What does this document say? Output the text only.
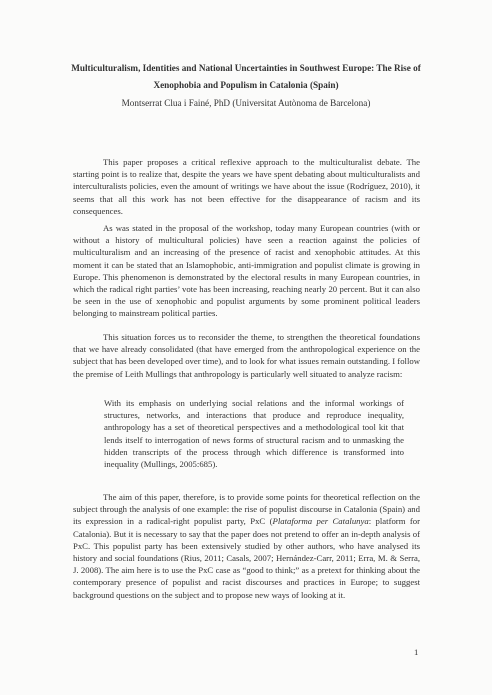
Multiculturalism, Identities and National Uncertainties in Southwest Europe: The Rise of Xenophobia and Populism in Catalonia (Spain)

Montserrat Clua i Fainé, PhD (Universitat Autònoma de Barcelona)

This paper proposes a critical reflexive approach to the multiculturalist debate. The starting point is to realize that, despite the years we have spent debating about multiculturalists and interculturalists policies, even the amount of writings we have about the issue (Rodríguez, 2010), it seems that all this work has not been effective for the disappearance of racism and its consequences.

As was stated in the proposal of the workshop, today many European countries (with or without a history of multicultural policies) have seen a reaction against the policies of multiculturalism and an increasing of the presence of racist and xenophobic attitudes. At this moment it can be stated that an Islamophobic, anti-immigration and populist climate is growing in Europe. This phenomenon is demonstrated by the electoral results in many European countries, in which the radical right parties’ vote has been increasing, reaching nearly 20 percent. But it can also be seen in the use of xenophobic and populist arguments by some prominent political leaders belonging to mainstream political parties.

This situation forces us to reconsider the theme, to strengthen the theoretical foundations that we have already consolidated (that have emerged from the anthropological experience on the subject that has been developed over time), and to look for what issues remain outstanding. I follow the premise of Leith Mullings that anthropology is particularly well situated to analyze racism:

With its emphasis on underlying social relations and the informal workings of structures, networks, and interactions that produce and reproduce inequality, anthropology has a set of theoretical perspectives and a methodological tool kit that lends itself to interrogation of news forms of structural racism and to unmasking the hidden transcripts of the process through which difference is transformed into inequality (Mullings, 2005:685).

The aim of this paper, therefore, is to provide some points for theoretical reflection on the subject through the analysis of one example: the rise of populist discourse in Catalonia (Spain) and its expression in a radical-right populist party, PxC (Plataforma per Catalunya: platform for Catalonia). But it is necessary to say that the paper does not pretend to offer an in-depth analysis of PxC. This populist party has been extensively studied by other authors, who have analysed its history and social foundations (Rius, 2011; Casals, 2007; Hernández-Carr, 2011; Erra, M. & Serra, J. 2008). The aim here is to use the PxC case as “good to think;” as a pretext for thinking about the contemporary presence of populist and racist discourses and practices in Europe; to suggest background questions on the subject and to propose new ways of looking at it.

1
